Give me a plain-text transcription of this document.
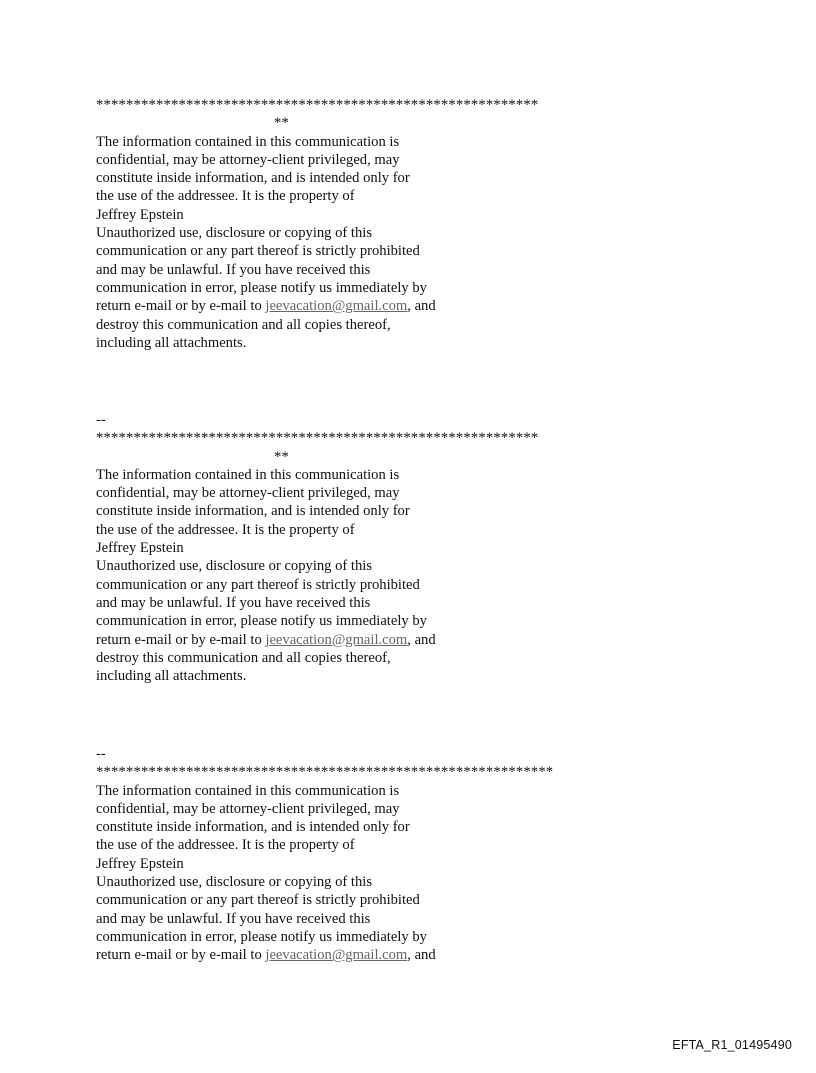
***********************************************************

**

The information contained in this communication is

confidential, may be attorney-client privileged, may

constitute inside information, and is intended only for

the use of the addressee. It is the property of

Jeffrey Epstein

Unauthorized use, disclosure or copying of this

communication or any part thereof is strictly prohibited

and may be unlawful. If you have received this

communication in error, please notify us immediately by

return e-mail or by e-mail to jeevacation@gmail.com, and

destroy this communication and all copies thereof,

including all attachments.

--

***********************************************************

**

The information contained in this communication is

confidential, may be attorney-client privileged, may

constitute inside information, and is intended only for

the use of the addressee. It is the property of

Jeffrey Epstein

Unauthorized use, disclosure or copying of this

communication or any part thereof is strictly prohibited

and may be unlawful. If you have received this

communication in error, please notify us immediately by

return e-mail or by e-mail to jeevacation@gmail.com, and

destroy this communication and all copies thereof,

including all attachments.

--

*************************************************************

The information contained in this communication is

confidential, may be attorney-client privileged, may

constitute inside information, and is intended only for

the use of the addressee. It is the property of

Jeffrey Epstein

Unauthorized use, disclosure or copying of this

communication or any part thereof is strictly prohibited

and may be unlawful. If you have received this

communication in error, please notify us immediately by

return e-mail or by e-mail to jeevacation@gmail.com, and

EFTA_R1_01495490
